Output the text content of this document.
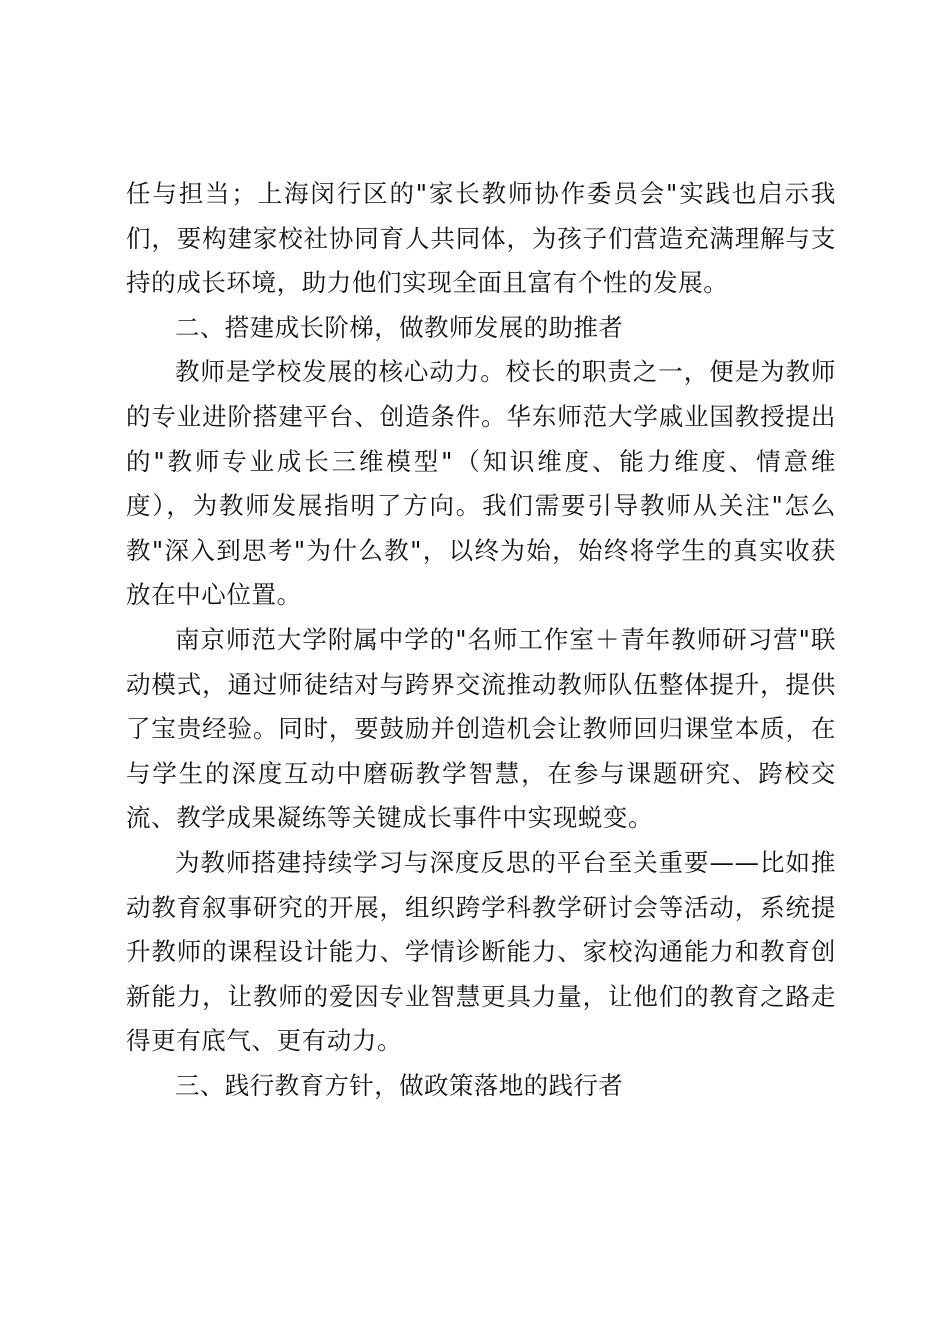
任与担当；上海闵行区的"家长教师协作委员会"实践也启示我们，要构建家校社协同育人共同体，为孩子们营造充满理解与支持的成长环境，助力他们实现全面且富有个性的发展。

二、搭建成长阶梯，做教师发展的助推者

教师是学校发展的核心动力。校长的职责之一，便是为教师的专业进阶搭建平台、创造条件。华东师范大学戚业国教授提出的"教师专业成长三维模型"（知识维度、能力维度、情意维度），为教师发展指明了方向。我们需要引导教师从关注"怎么教"深入到思考"为什么教"，以终为始，始终将学生的真实收获放在中心位置。

南京师范大学附属中学的"名师工作室＋青年教师研习营"联动模式，通过师徒结对与跨界交流推动教师队伍整体提升，提供了宝贵经验。同时，要鼓励并创造机会让教师回归课堂本质，在与学生的深度互动中磨砺教学智慧，在参与课题研究、跨校交流、教学成果凝练等关键成长事件中实现蜕变。

为教师搭建持续学习与深度反思的平台至关重要——比如推动教育叙事研究的开展，组织跨学科教学研讨会等活动，系统提升教师的课程设计能力、学情诊断能力、家校沟通能力和教育创新能力，让教师的爱因专业智慧更具力量，让他们的教育之路走得更有底气、更有动力。

三、践行教育方针，做政策落地的践行者
